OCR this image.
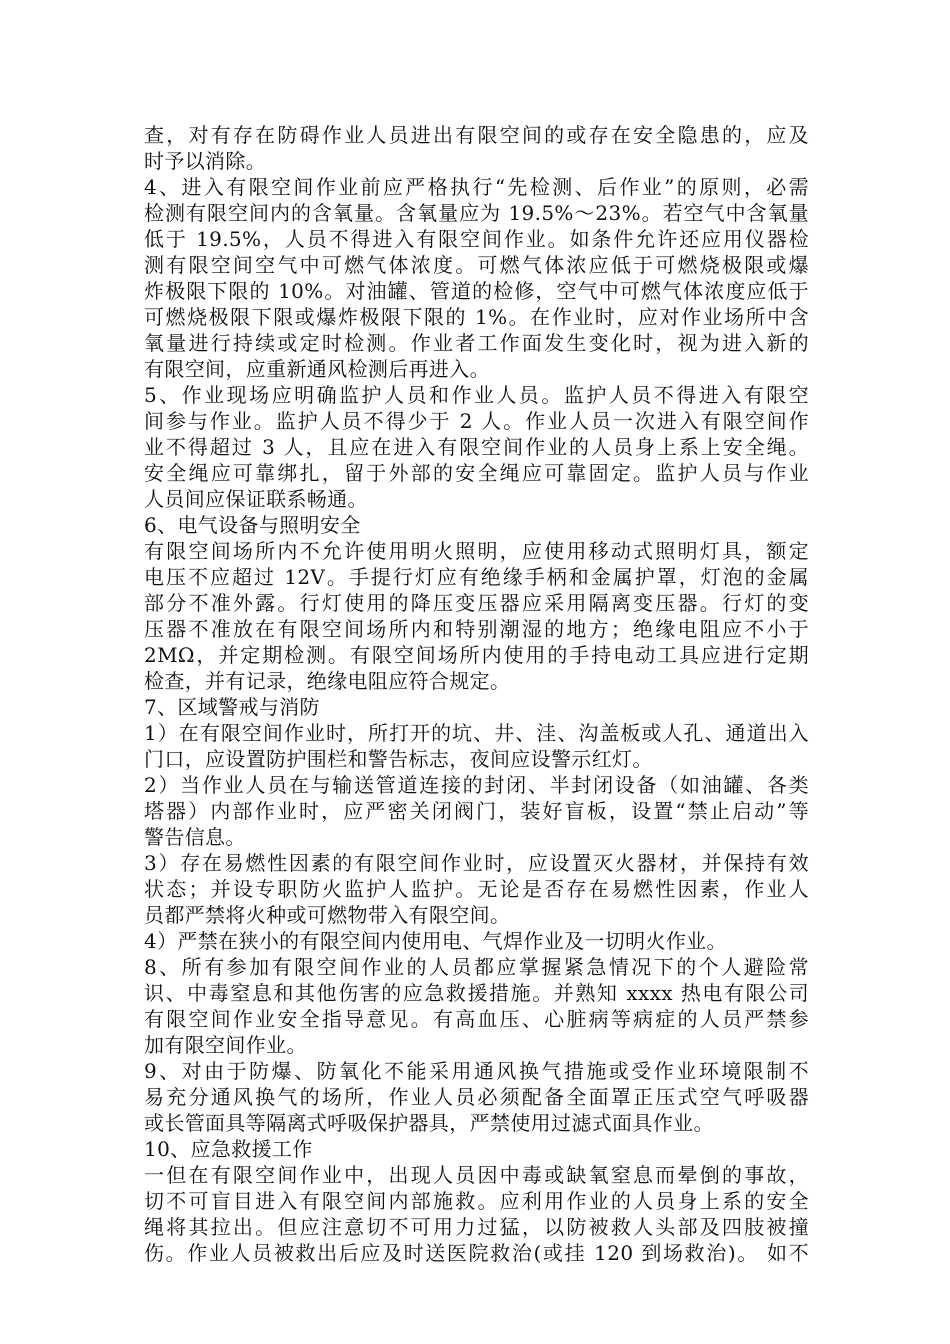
查，对有存在防碍作业人员进出有限空间的或存在安全隐患的，应及
时予以消除。
4、进入有限空间作业前应严格执行“先检测、后作业”的原则，必需
检测有限空间内的含氧量。含氧量应为 19.5%～23%。若空气中含氧量
低于 19.5%，人员不得进入有限空间作业。如条件允许还应用仪器检
测有限空间空气中可燃气体浓度。可燃气体浓应低于可燃烧极限或爆
炸极限下限的 10%。对油罐、管道的检修，空气中可燃气体浓度应低于
可燃烧极限下限或爆炸极限下限的 1%。在作业时，应对作业场所中含
氧量进行持续或定时检测。作业者工作面发生变化时，视为进入新的
有限空间，应重新通风检测后再进入。
5、作业现场应明确监护人员和作业人员。监护人员不得进入有限空
间参与作业。监护人员不得少于 2 人。作业人员一次进入有限空间作
业不得超过 3 人，且应在进入有限空间作业的人员身上系上安全绳。
安全绳应可靠绑扎，留于外部的安全绳应可靠固定。监护人员与作业
人员间应保证联系畅通。
6、电气设备与照明安全
有限空间场所内不允许使用明火照明，应使用移动式照明灯具，额定
电压不应超过 12V。手提行灯应有绝缘手柄和金属护罩，灯泡的金属
部分不准外露。行灯使用的降压变压器应采用隔离变压器。行灯的变
压器不准放在有限空间场所内和特别潮湿的地方；绝缘电阻应不小于
2MΩ，并定期检测。有限空间场所内使用的手持电动工具应进行定期
检查，并有记录，绝缘电阻应符合规定。
7、区域警戒与消防
1）在有限空间作业时，所打开的坑、井、洼、沟盖板或人孔、通道出入
门口，应设置防护围栏和警告标志，夜间应设警示红灯。
2）当作业人员在与输送管道连接的封闭、半封闭设备（如油罐、各类
塔器）内部作业时，应严密关闭阀门，装好盲板，设置“禁止启动”等
警告信息。
3）存在易燃性因素的有限空间作业时，应设置灭火器材，并保持有效
状态；并设专职防火监护人监护。无论是否存在易燃性因素，作业人
员都严禁将火种或可燃物带入有限空间。
4）严禁在狭小的有限空间内使用电、气焊作业及一切明火作业。
8、所有参加有限空间作业的人员都应掌握紧急情况下的个人避险常
识、中毒窒息和其他伤害的应急救援措施。并熟知 xxxx 热电有限公司
有限空间作业安全指导意见。有高血压、心脏病等病症的人员严禁参
加有限空间作业。
9、对由于防爆、防氧化不能采用通风换气措施或受作业环境限制不
易充分通风换气的场所，作业人员必须配备全面罩正压式空气呼吸器
或长管面具等隔离式呼吸保护器具，严禁使用过滤式面具作业。
10、应急救援工作
一但在有限空间作业中，出现人员因中毒或缺氧窒息而晕倒的事故，
切不可盲目进入有限空间内部施救。应利用作业的人员身上系的安全
绳将其拉出。但应注意切不可用力过猛，以防被救人头部及四肢被撞
伤。作业人员被救出后应及时送医院救治(或挂 120 到场救治)。 如不
